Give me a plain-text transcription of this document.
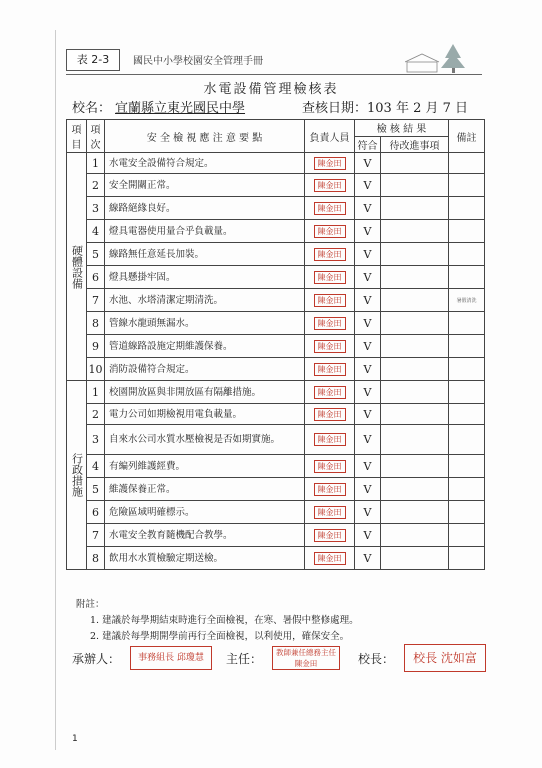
表 2-3	國民中小學校園安全管理手冊
水電設備管理檢核表
校名： 宜蘭縣立東光國民中學	查核日期：103 年 2 月 7 日
項目	項次	安 全 檢 視 應 注 意 要 點	負責人員	檢 核 結 果		備註
				符合	待改進事項	
硬體設備	1	水電安全設備符合規定。	陳金田	V		
	2	安全開關正常。	陳金田	V		
	3	線路絕緣良好。	陳金田	V		
	4	燈具電器使用量合乎負載量。	陳金田	V		
	5	線路無任意延長加裝。	陳金田	V		
	6	燈具懸掛牢固。	陳金田	V		
	7	水池、水塔清潔定期清洗。	陳金田	V		暑假清洗
	8	管線水龍頭無漏水。	陳金田	V		
	9	管道線路設施定期維護保養。	陳金田	V		
	10	消防設備符合規定。	陳金田	V		
行政措施	1	校園開放區與非開放區有隔離措施。	陳金田	V		
	2	電力公司如期檢視用電負載量。	陳金田	V		
	3	自來水公司水質水壓檢視是否如期實施。	陳金田	V		
	4	有編列維護經費。	陳金田	V		
	5	維護保養正常。	陳金田	V		
	6	危險區域明確標示。	陳金田	V		
	7	水電安全教育隨機配合教學。	陳金田	V		
	8	飲用水水質檢驗定期送檢。	陳金田	V		
附註：
1. 建議於每學期結束時進行全面檢視，在寒、暑假中整修處理。
2. 建議於每學期開學前再行全面檢視，以利使用，確保安全。
承辦人：	事務組長 邱瓊慧	主任：	教師兼任總務主任 陳金田	校長：	校長 沈如富
1
